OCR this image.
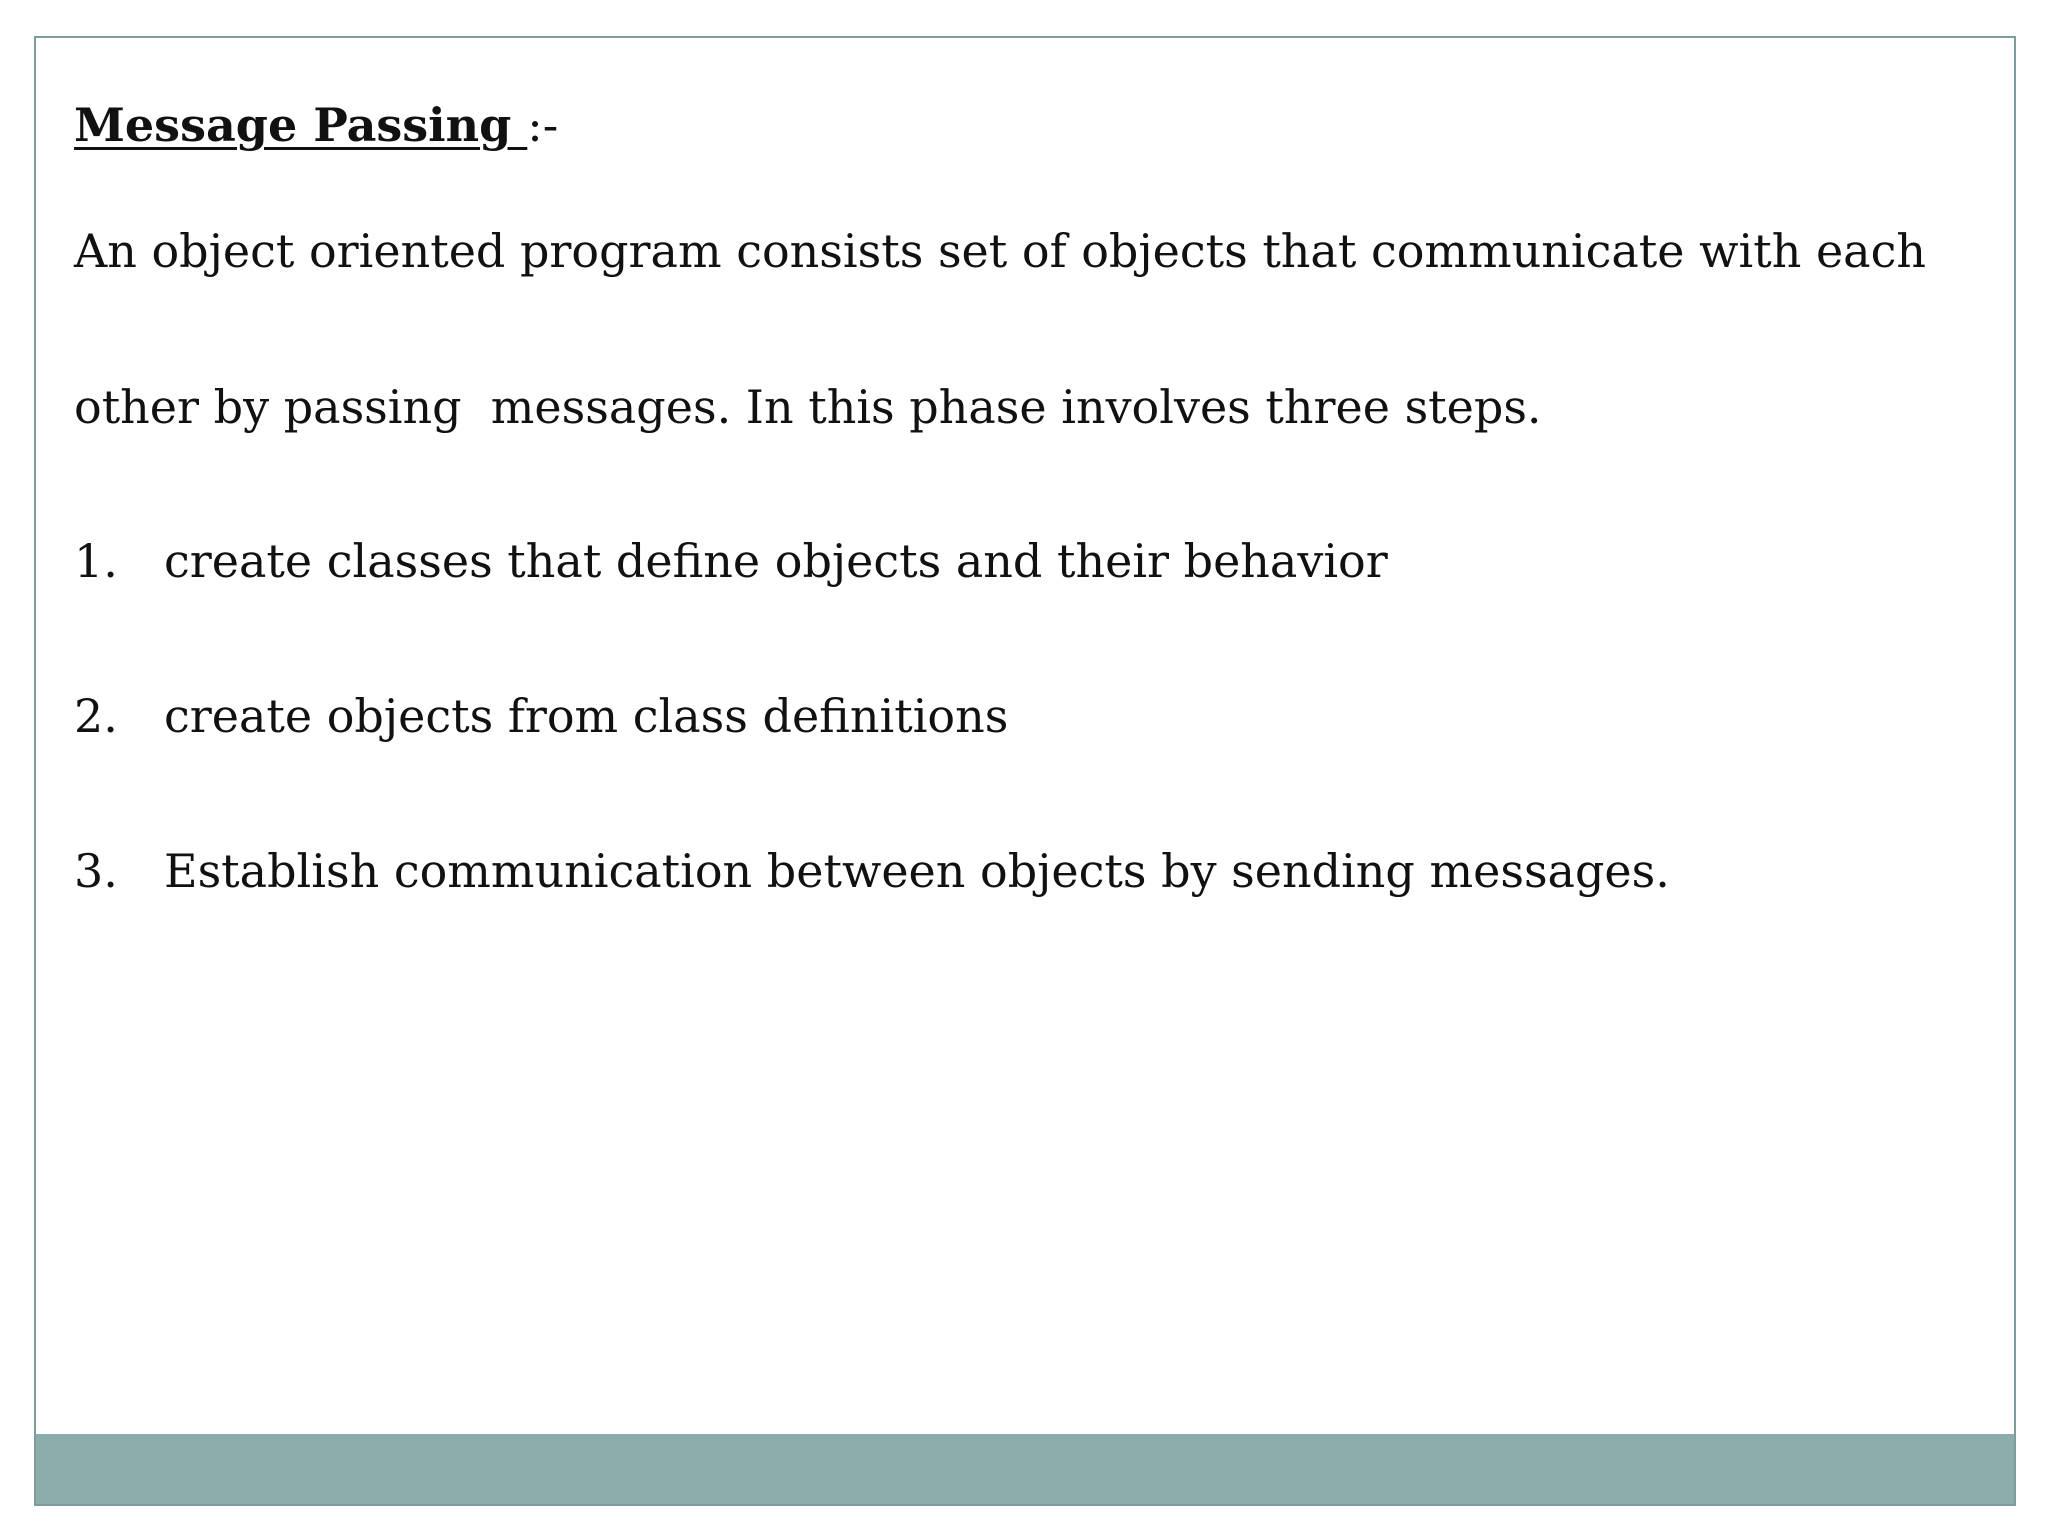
Message Passing :-

An object oriented program consists set of objects that communicate with each

other by passing  messages. In this phase involves three steps.

1.	create classes that define objects and their behavior
2.	create objects from class definitions
3.	Establish communication between objects by sending messages.
